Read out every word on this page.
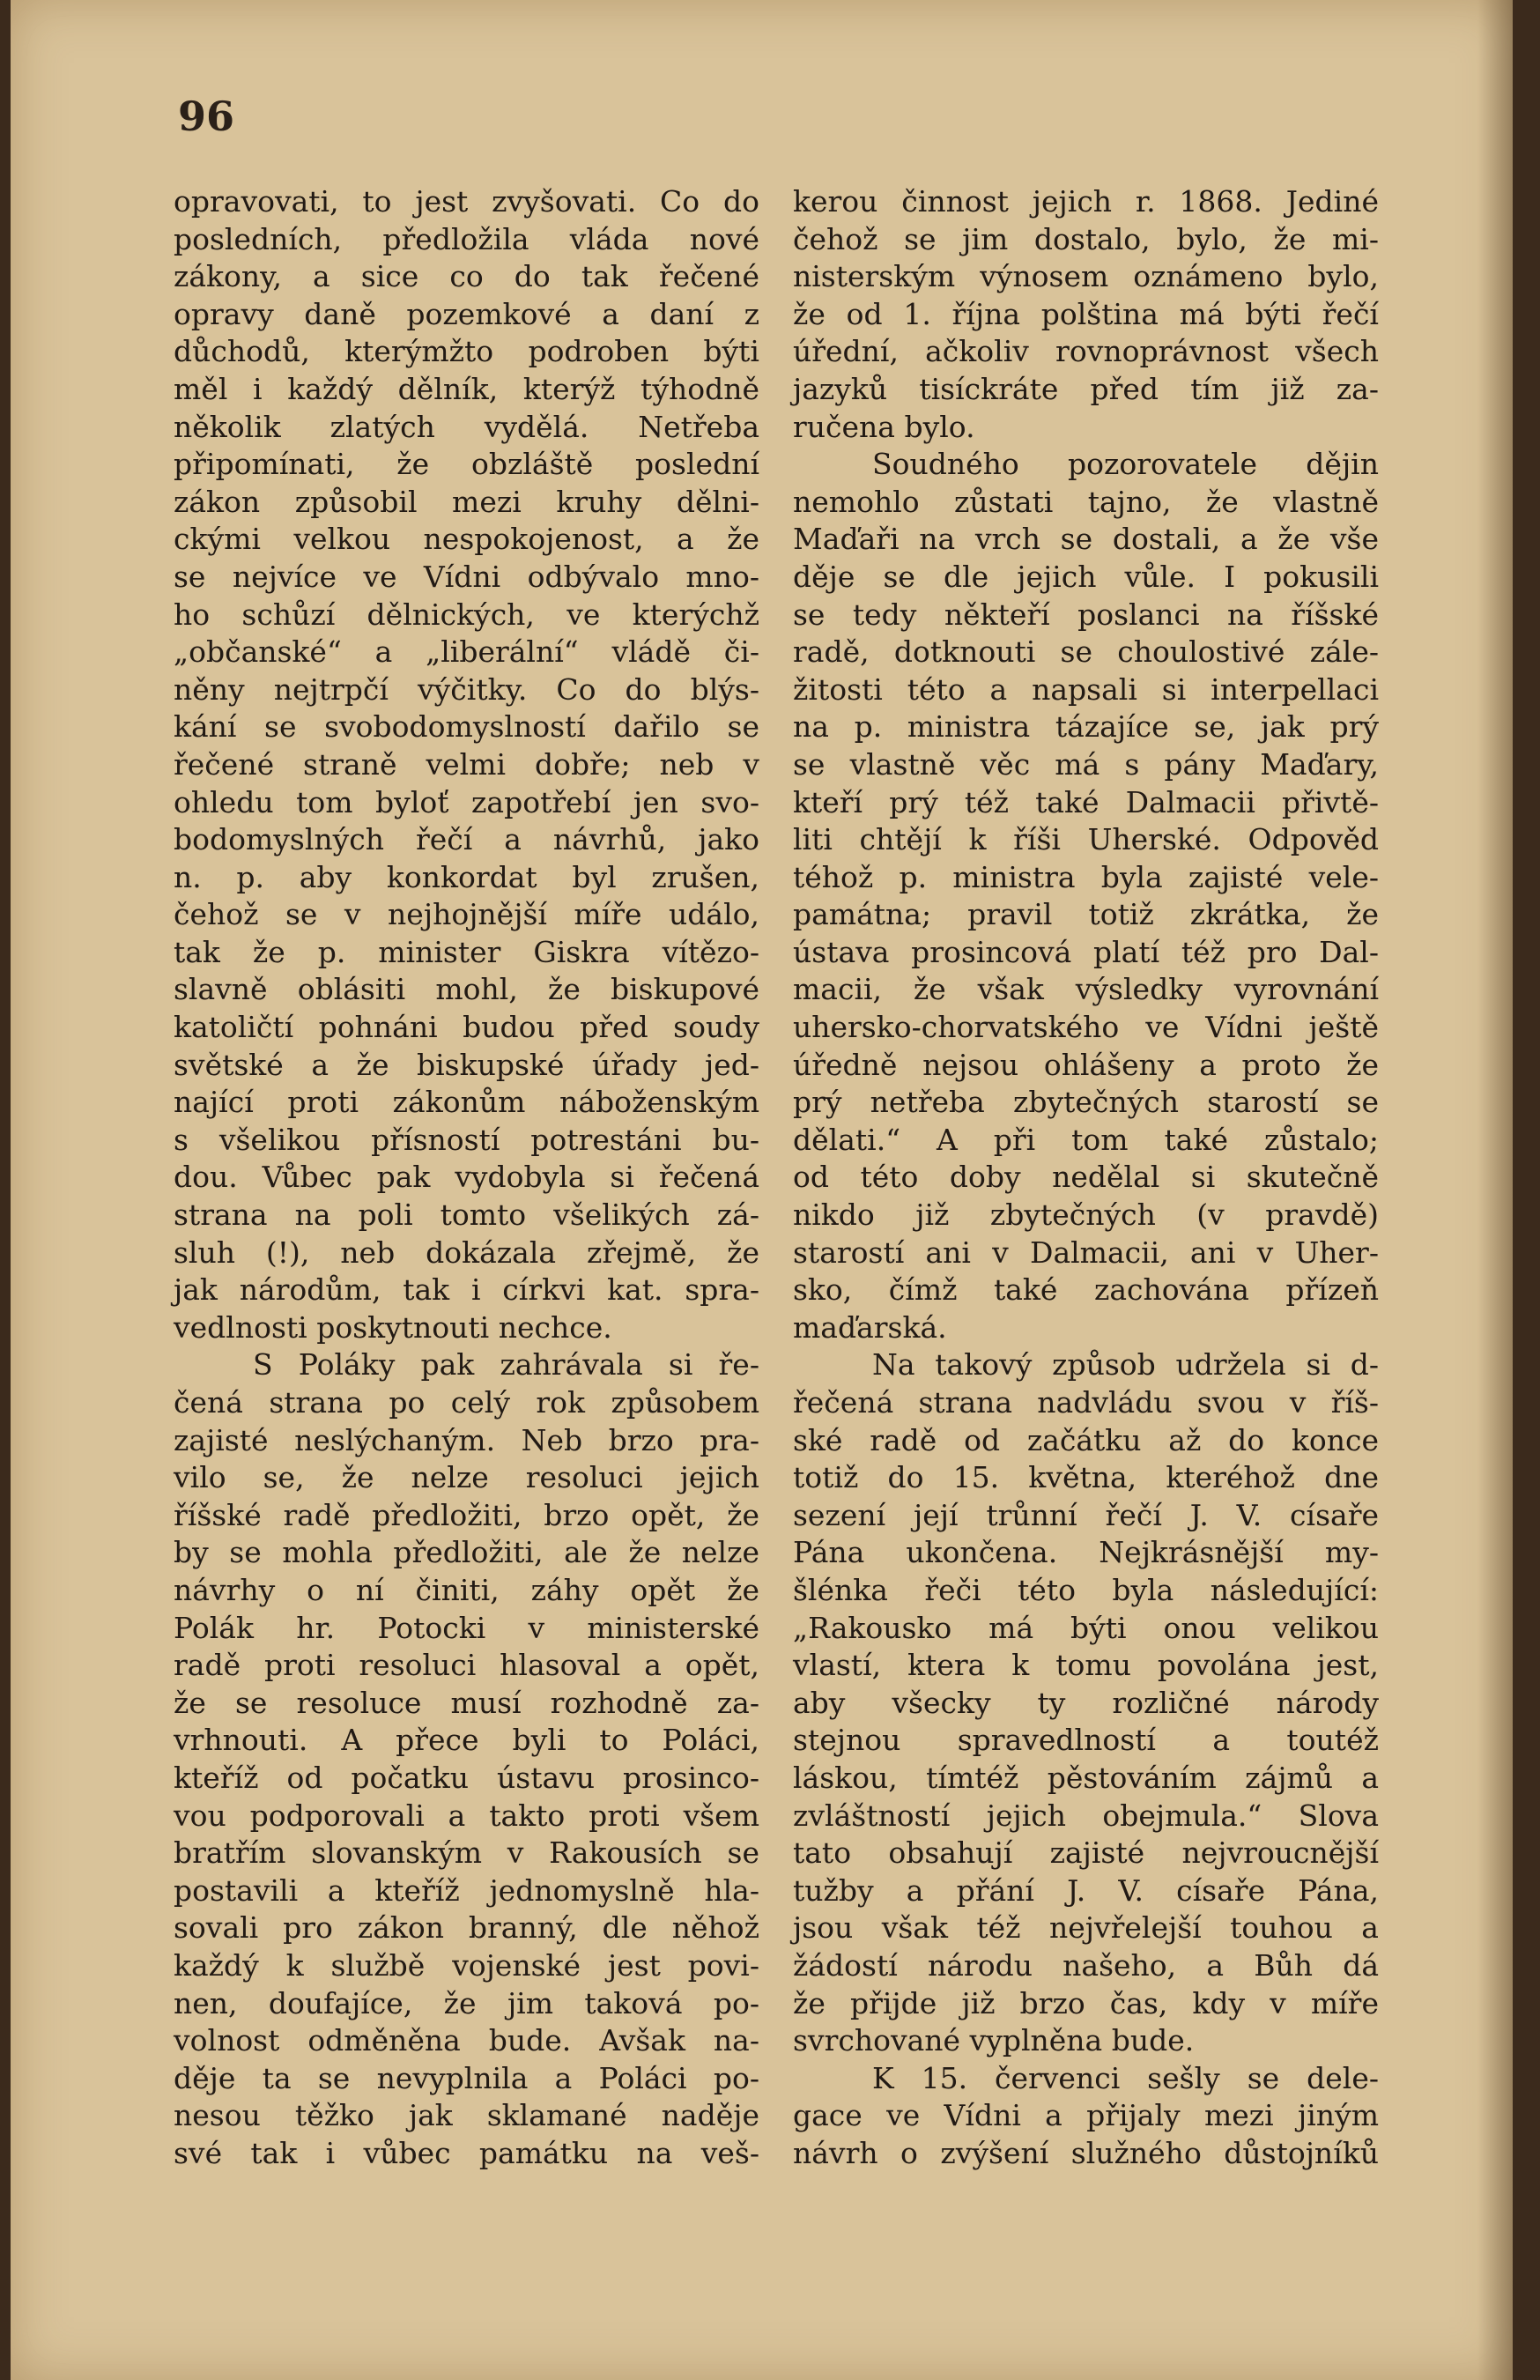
96
opravovati, to jest zvyšovati. Co do
posledních, předložila vláda nové
zákony, a sice co do tak řečené
opravy daně pozemkové a daní z
důchodů, kterýmžto podroben býti
měl i každý dělník, kterýž týhodně
několik zlatých vydělá. Netřeba
připomínati, že obzláště poslední
zákon způsobil mezi kruhy dělni-
ckými velkou nespokojenost, a že
se nejvíce ve Vídni odbývalo mno-
ho schůzí dělnických, ve kterýchž
„občanské“ a „liberální“ vládě či-
něny nejtrpčí výčitky. Co do blýs-
kání se svobodomyslností dařilo se
řečené straně velmi dobře; neb v
ohledu tom byloť zapotřebí jen svo-
bodomyslných řečí a návrhů, jako
n. p. aby konkordat byl zrušen,
čehož se v nejhojnější míře událo,
tak že p. minister Giskra vítězo-
slavně oblásiti mohl, že biskupové
katoličtí pohnáni budou před soudy
světské a že biskupské úřady jed-
nající proti zákonům náboženským
s všelikou přísností potrestáni bu-
dou. Vůbec pak vydobyla si řečená
strana na poli tomto všelikých zá-
sluh (!), neb dokázala zřejmě, že
jak národům, tak i církvi kat. spra-
vedlnosti poskytnouti nechce.
S Poláky pak zahrávala si ře-
čená strana po celý rok způsobem
zajisté neslýchaným. Neb brzo pra-
vilo se, že nelze resoluci jejich
říšské radě předložiti, brzo opět, že
by se mohla předložiti, ale že nelze
návrhy o ní činiti, záhy opět že
Polák hr. Potocki v ministerské
radě proti resoluci hlasoval a opět,
že se resoluce musí rozhodně za-
vrhnouti. A přece byli to Poláci,
kteříž od počatku ústavu prosinco-
vou podporovali a takto proti všem
bratřím slovanským v Rakousích se
postavili a kteříž jednomyslně hla-
sovali pro zákon branný, dle něhož
každý k službě vojenské jest povi-
nen, doufajíce, že jim taková po-
volnost odměněna bude. Avšak na-
děje ta se nevyplnila a Poláci po-
nesou těžko jak sklamané naděje
své tak i vůbec památku na veš-
kerou činnost jejich r. 1868. Jediné
čehož se jim dostalo, bylo, že mi-
nisterským výnosem oznámeno bylo,
že od 1. října polština má býti řečí
úřední, ačkoliv rovnoprávnost všech
jazyků tisíckráte před tím již za-
ručena bylo.
Soudného pozorovatele dějin
nemohlo zůstati tajno, že vlastně
Maďaři na vrch se dostali, a že vše
děje se dle jejich vůle. I pokusili
se tedy někteří poslanci na říšské
radě, dotknouti se choulostivé zále-
žitosti této a napsali si interpellaci
na p. ministra tázajíce se, jak prý
se vlastně věc má s pány Maďary,
kteří prý též také Dalmacii přivtě-
liti chtějí k říši Uherské. Odpověd
téhož p. ministra byla zajisté vele-
památna; pravil totiž zkrátka, že
ústava prosincová platí též pro Dal-
macii, že však výsledky vyrovnání
uhersko-chorvatského ve Vídni ještě
úředně nejsou ohlášeny a proto že
prý netřeba zbytečných starostí se
dělati.“ A při tom také zůstalo;
od této doby nedělal si skutečně
nikdo již zbytečných (v pravdě)
starostí ani v Dalmacii, ani v Uher-
sko, čímž také zachována přízeň
maďarská.
Na takový způsob udržela si d-
řečená strana nadvládu svou v říš-
ské radě od začátku až do konce
totiž do 15. května, kteréhož dne
sezení její trůnní řečí J. V. císaře
Pána ukončena. Nejkrásnější my-
šlénka řeči této byla následující:
„Rakousko má býti onou velikou
vlastí, ktera k tomu povolána jest,
aby všecky ty rozličné národy
stejnou spravedlností a toutéž
láskou, tímtéž pěstováním zájmů a
zvláštností jejich obejmula.“ Slova
tato obsahují zajisté nejvroucnější
tužby a přání J. V. císaře Pána,
jsou však též nejvřelejší touhou a
žádostí národu našeho, a Bůh dá
že přijde již brzo čas, kdy v míře
svrchované vyplněna bude.
K 15. červenci sešly se dele-
gace ve Vídni a přijaly mezi jiným
návrh o zvýšení služného důstojníků
